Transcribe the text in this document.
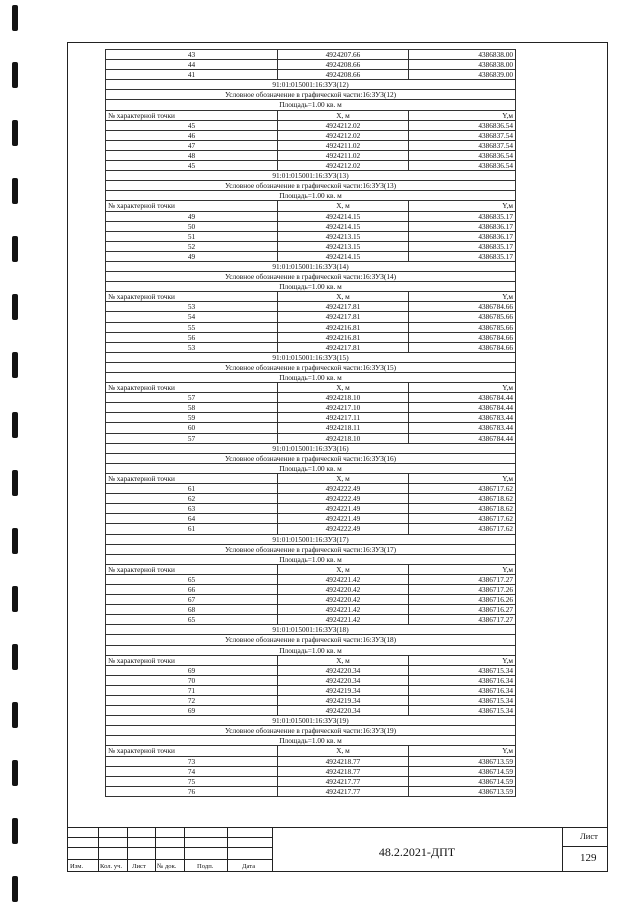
43	4924207.66	4386838.00
44	4924208.66	4386838.00
41	4924208.66	4386839.00
91:01:015001:16:ЗУЗ(12)		
Условное обозначение в графической части:16:ЗУЗ(12)		
Площадь=1.00 кв. м		
№ характерной точки	X, м	Y,м
45	4924212.02	4386836.54
46	4924212.02	4386837.54
47	4924211.02	4386837.54
48	4924211.02	4386836.54
45	4924212.02	4386836.54
91:01:015001:16:ЗУЗ(13)		
Условное обозначение в графической части:16:ЗУЗ(13)		
Площадь=1.00 кв. м		
№ характерной точки	X, м	Y,м
49	4924214.15	4386835.17
50	4924214.15	4386836.17
51	4924213.15	4386836.17
52	4924213.15	4386835.17
49	4924214.15	4386835.17
91:01:015001:16:ЗУЗ(14)		
Условное обозначение в графической части:16:ЗУЗ(14)		
Площадь=1.00 кв. м		
№ характерной точки	X, м	Y,м
53	4924217.81	4386784.66
54	4924217.81	4386785.66
55	4924216.81	4386785.66
56	4924216.81	4386784.66
53	4924217.81	4386784.66
91:01:015001:16:ЗУЗ(15)		
Условное обозначение в графической части:16:ЗУЗ(15)		
Площадь=1.00 кв. м		
№ характерной точки	X, м	Y,м
57	4924218.10	4386784.44
58	4924217.10	4386784.44
59	4924217.11	4386783.44
60	4924218.11	4386783.44
57	4924218.10	4386784.44
91:01:015001:16:ЗУЗ(16)		
Условное обозначение в графической части:16:ЗУЗ(16)		
Площадь=1.00 кв. м		
№ характерной точки	X, м	Y,м
61	4924222.49	4386717.62
62	4924222.49	4386718.62
63	4924221.49	4386718.62
64	4924221.49	4386717.62
61	4924222.49	4386717.62
91:01:015001:16:ЗУЗ(17)		
Условное обозначение в графической части:16:ЗУЗ(17)		
Площадь=1.00 кв. м		
№ характерной точки	X, м	Y,м
65	4924221.42	4386717.27
66	4924220.42	4386717.26
67	4924220.42	4386716.26
68	4924221.42	4386716.27
65	4924221.42	4386717.27
91:01:015001:16:ЗУЗ(18)		
Условное обозначение в графической части:16:ЗУЗ(18)		
Площадь=1.00 кв. м		
№ характерной точки	X, м	Y,м
69	4924220.34	4386715.34
70	4924220.34	4386716.34
71	4924219.34	4386716.34
72	4924219.34	4386715.34
69	4924220.34	4386715.34
91:01:015001:16:ЗУЗ(19)		
Условное обозначение в графической части:16:ЗУЗ(19)		
Площадь=1.00 кв. м		
№ характерной точки	X, м	Y,м
73	4924218.77	4386713.59
74	4924218.77	4386714.59
75	4924217.77	4386714.59
76	4924217.77	4386713.59
Изм.	Кол. уч. Лист № док.	Подп.	Дата
48.2.2021-ДПТ
Лист
129
